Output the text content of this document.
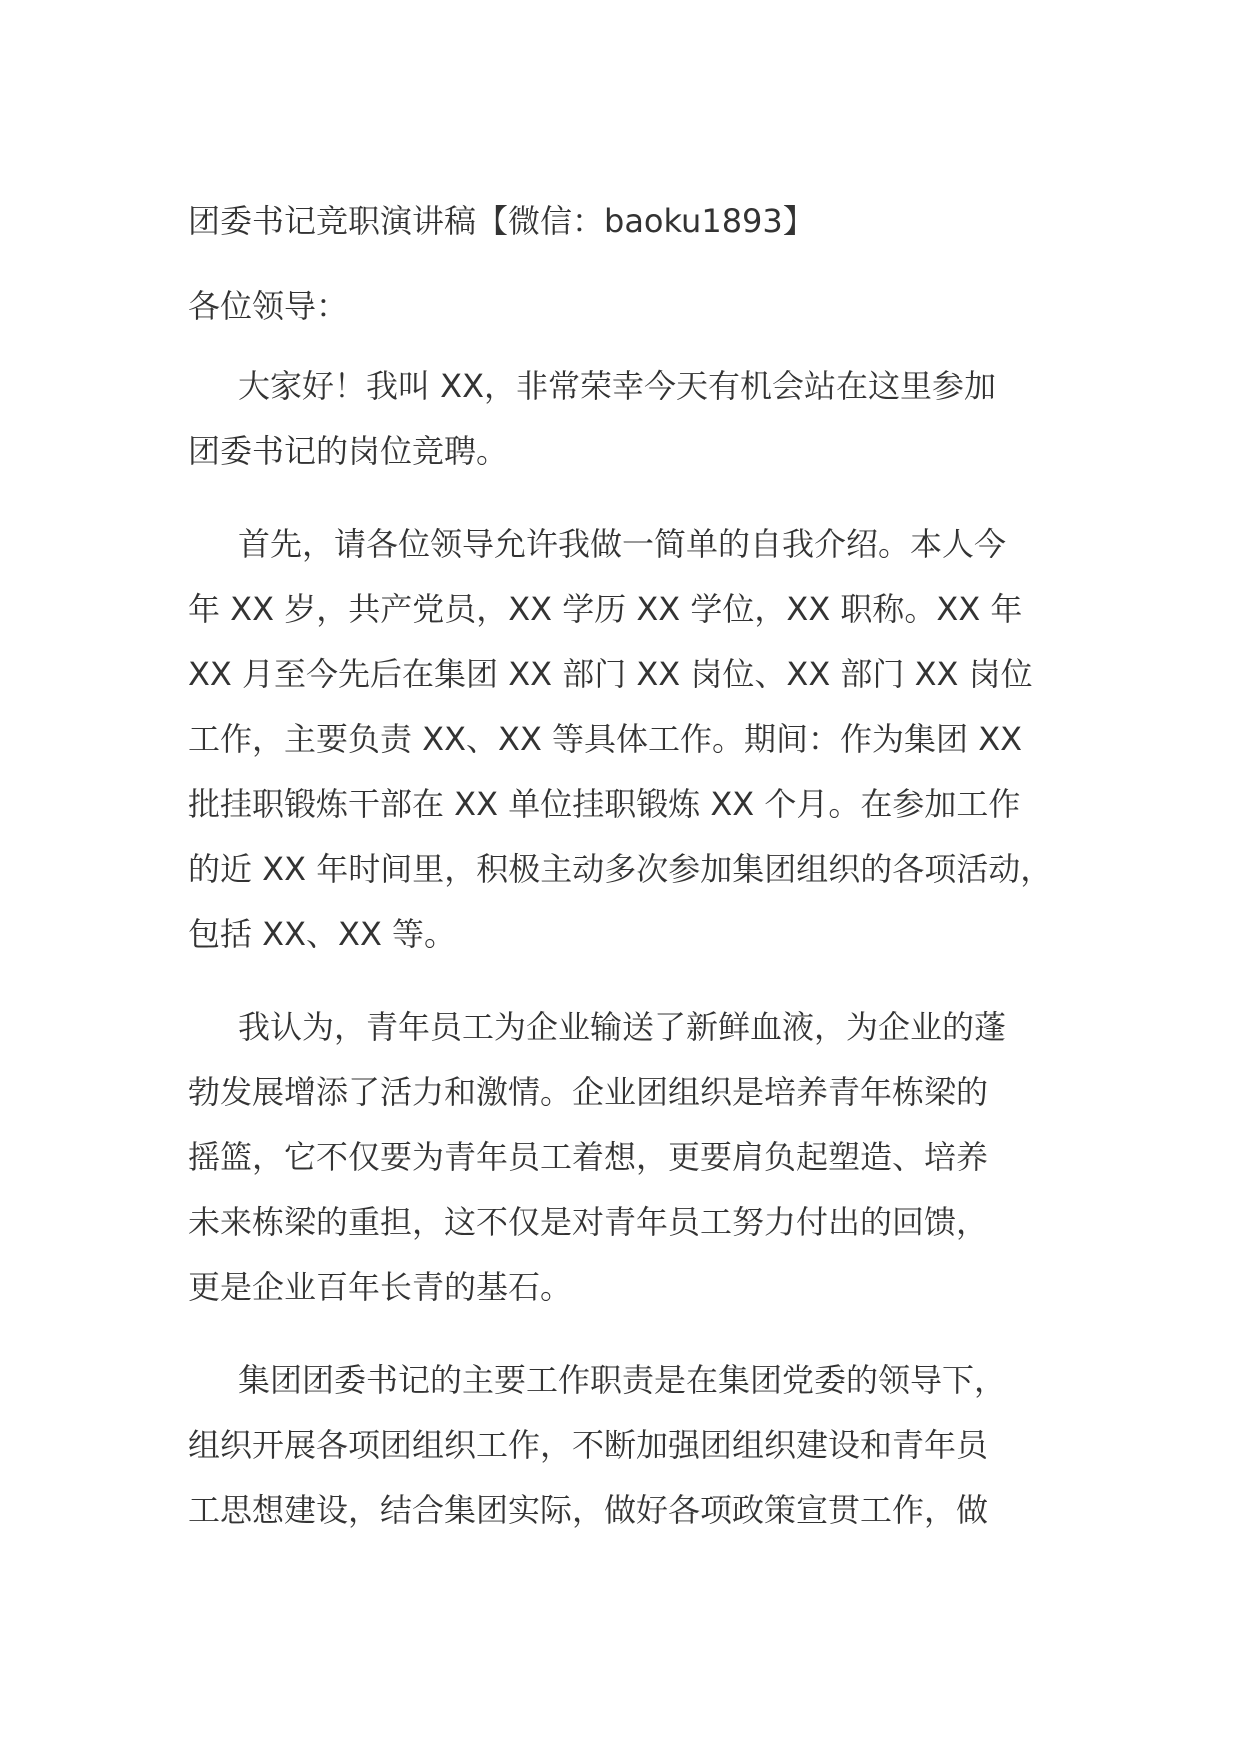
团委书记竞职演讲稿【微信：baoku1893】
各位领导：

大家好！我叫 XX，非常荣幸今天有机会站在这里参加
团委书记的岗位竞聘。

首先，请各位领导允许我做一简单的自我介绍。本人今
年 XX 岁，共产党员，XX 学历 XX 学位，XX 职称。XX 年
XX 月至今先后在集团 XX 部门 XX 岗位、XX 部门 XX 岗位
工作，主要负责 XX、XX 等具体工作。期间：作为集团 XX
批挂职锻炼干部在 XX 单位挂职锻炼 XX 个月。在参加工作
的近 XX 年时间里，积极主动多次参加集团组织的各项活动，
包括 XX、XX 等。

我认为，青年员工为企业输送了新鲜血液，为企业的蓬
勃发展增添了活力和激情。企业团组织是培养青年栋梁的
摇篮，它不仅要为青年员工着想，更要肩负起塑造、培养
未来栋梁的重担，这不仅是对青年员工努力付出的回馈，
更是企业百年长青的基石。

集团团委书记的主要工作职责是在集团党委的领导下，
组织开展各项团组织工作，不断加强团组织建设和青年员
工思想建设，结合集团实际，做好各项政策宣贯工作，做
